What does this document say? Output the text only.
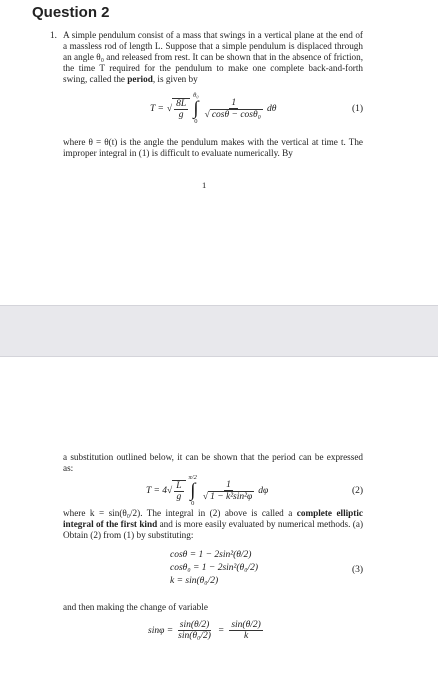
Question 2
1. A simple pendulum consist of a mass that swings in a vertical plane at the end of a massless rod of length L. Suppose that a simple pendulum is displaced through an angle θ₀ and released from rest. It can be shown that in the absence of friction, the time T required for the pendulum to make one complete back-and-forth swing, called the period, is given by
T = √ $\frac{8L}{g}$
θ₀
∫
0
$\frac{1}{\text{√ cosθ − cosθ₀}}$ dθ	(1)
where θ = θ(t) is the angle the pendulum makes with the vertical at time t. The improper integral in (1) is difficult to evaluate numerically. By
1
a substitution outlined below, it can be shown that the period can be expressed as:
T = 4 √ $\frac{L}{g}$
π/2
∫
0
$\frac{1}{\text{√ 1 − k²sin²φ}}$ dφ	(2)
where k = sin(θ₀/2). The integral in (2) above is called a complete elliptic integral of the first kind and is more easily evaluated by numerical methods. (a) Obtain (2) from (1) by substituting:
cosθ = 1 − 2sin²(θ/2)
cosθ₀ = 1 − 2sin²(θ₀/2)
k = sin(θ₀/2)
(3)
and then making the change of variable
$\sin\varphi = \frac{\sin(\theta/2)}{\text{sin(θ₀/2)}} = \frac{\sin(\theta/2)}{k}$
